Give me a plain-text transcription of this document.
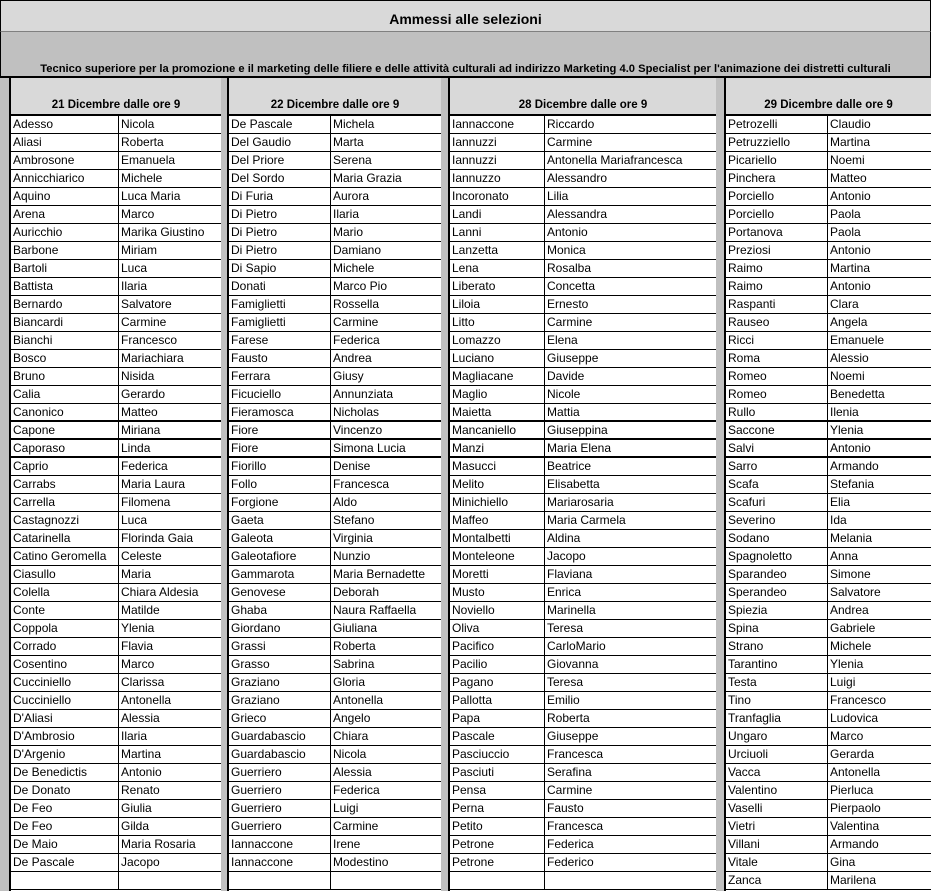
Ammessi alle selezioni
Tecnico superiore per la promozione e il marketing delle filiere e delle attività culturali ad indirizzo Marketing 4.0 Specialist per l'animazione dei distretti culturali
21 Dicembre dalle ore 9
Adesso	Nicola
Aliasi	Roberta
Ambrosone	Emanuela
Annicchiarico	Michele
Aquino	Luca Maria
Arena	Marco
Auricchio	Marika Giustino
Barbone	Miriam
Bartoli	Luca
Battista	Ilaria
Bernardo	Salvatore
Biancardi	Carmine
Bianchi	Francesco
Bosco	Mariachiara
Bruno	Nisida
Calia	Gerardo
Canonico	Matteo
Capone	Miriana
Caporaso	Linda
Caprio	Federica
Carrabs	Maria Laura
Carrella	Filomena
Castagnozzi	Luca
Catarinella	Florinda Gaia
Catino Geromella	Celeste
Ciasullo	Maria
Colella	Chiara Aldesia
Conte	Matilde
Coppola	Ylenia
Corrado	Flavia
Cosentino	Marco
Cucciniello	Clarissa
Cucciniello	Antonella
D'Aliasi	Alessia
D'Ambrosio	Ilaria
D'Argenio	Martina
De Benedictis	Antonio
De Donato	Renato
De Feo	Giulia
De Feo	Gilda
De Maio	Maria Rosaria
De Pascale	Jacopo
22 Dicembre dalle ore 9
De Pascale	Michela
Del Gaudio	Marta
Del Priore	Serena
Del Sordo	Maria Grazia
Di Furia	Aurora
Di Pietro	Ilaria
Di Pietro	Mario
Di Pietro	Damiano
Di Sapio	Michele
Donati	Marco Pio
Famiglietti	Rossella
Famiglietti	Carmine
Farese	Federica
Fausto	Andrea
Ferrara	Giusy
Ficuciello	Annunziata
Fieramosca	Nicholas
Fiore	Vincenzo
Fiore	Simona Lucia
Fiorillo	Denise
Follo	Francesca
Forgione	Aldo
Gaeta	Stefano
Galeota	Virginia
Galeotafiore	Nunzio
Gammarota	Maria Bernadette
Genovese	Deborah
Ghaba	Naura Raffaella
Giordano	Giuliana
Grassi	Roberta
Grasso	Sabrina
Graziano	Gloria
Graziano	Antonella
Grieco	Angelo
Guardabascio	Chiara
Guardabascio	Nicola
Guerriero	Alessia
Guerriero	Federica
Guerriero	Luigi
Guerriero	Carmine
Iannaccone	Irene
Iannaccone	Modestino
28 Dicembre dalle ore 9
Iannaccone	Riccardo
Iannuzzi	Carmine
Iannuzzi	Antonella Mariafrancesca
Iannuzzo	Alessandro
Incoronato	Lilia
Landi	Alessandra
Lanni	Antonio
Lanzetta	Monica
Lena	Rosalba
Liberato	Concetta
Liloia	Ernesto
Litto	Carmine
Lomazzo	Elena
Luciano	Giuseppe
Magliacane	Davide
Maglio	Nicole
Maietta	Mattia
Mancaniello	Giuseppina
Manzi	Maria Elena
Masucci	Beatrice
Melito	Elisabetta
Minichiello	Mariarosaria
Maffeo	Maria Carmela
Montalbetti	Aldina
Monteleone	Jacopo
Moretti	Flaviana
Musto	Enrica
Noviello	Marinella
Oliva	Teresa
Pacifico	CarloMario
Pacilio	Giovanna
Pagano	Teresa
Pallotta	Emilio
Papa	Roberta
Pascale	Giuseppe
Pasciuccio	Francesca
Pasciuti	Serafina
Pensa	Carmine
Perna	Fausto
Petito	Francesca
Petrone	Federica
Petrone	Federico
29 Dicembre dalle ore 9
Petrozelli	Claudio
Petruzziello	Martina
Picariello	Noemi
Pinchera	Matteo
Porciello	Antonio
Porciello	Paola
Portanova	Paola
Preziosi	Antonio
Raimo	Martina
Raimo	Antonio
Raspanti	Clara
Rauseo	Angela
Ricci	Emanuele
Roma	Alessio
Romeo	Noemi
Romeo	Benedetta
Rullo	Ilenia
Saccone	Ylenia
Salvi	Antonio
Sarro	Armando
Scafa	Stefania
Scafuri	Elia
Severino	Ida
Sodano	Melania
Spagnoletto	Anna
Sparandeo	Simone
Sperandeo	Salvatore
Spiezia	Andrea
Spina	Gabriele
Strano	Michele
Tarantino	Ylenia
Testa	Luigi
Tino	Francesco
Tranfaglia	Ludovica
Ungaro	Marco
Urciuoli	Gerarda
Vacca	Antonella
Valentino	Pierluca
Vaselli	Pierpaolo
Vietri	Valentina
Villani	Armando
Vitale	Gina
Zanca	Marilena
